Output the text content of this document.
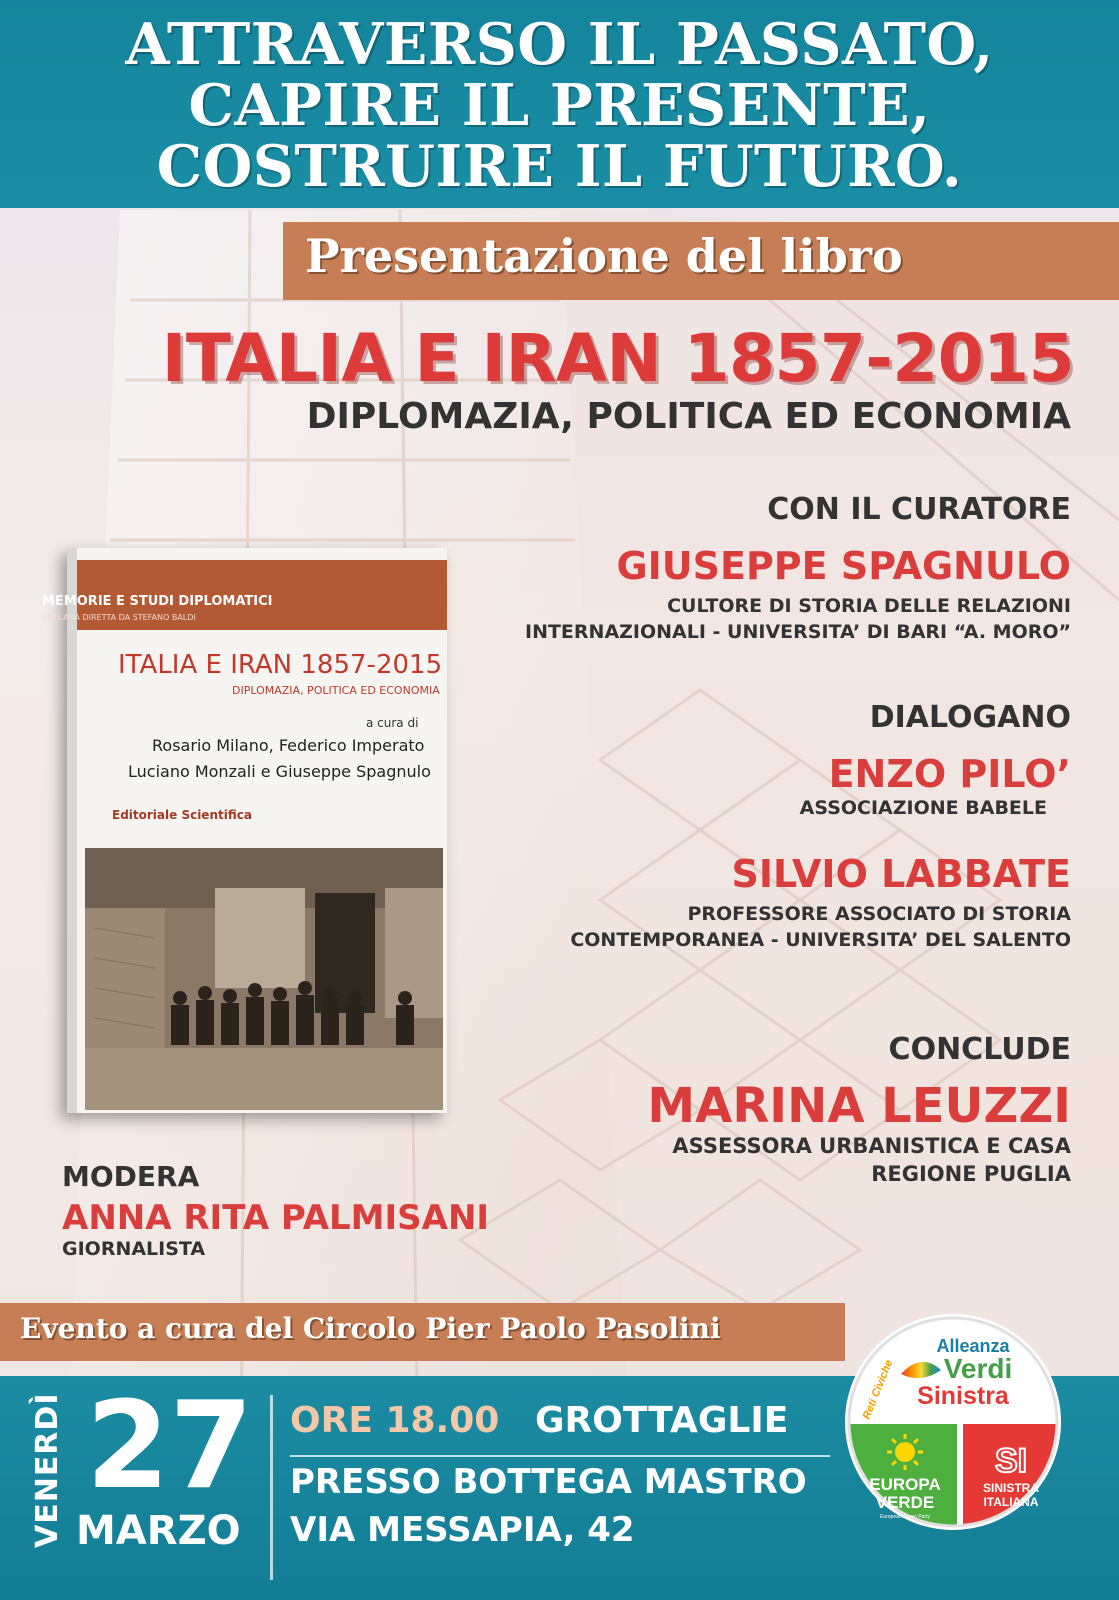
ATTRAVERSO IL PASSATO,
CAPIRE IL PRESENTE,
COSTRUIRE IL FUTURO.
Presentazione del libro
ITALIA E IRAN 1857-2015
DIPLOMAZIA, POLITICA ED ECONOMIA
CON IL CURATORE
GIUSEPPE SPAGNULO
CULTORE DI STORIA DELLE RELAZIONI
INTERNAZIONALI - UNIVERSITA’ DI BARI “A. MORO”
DIALOGANO
ENZO PILO’
ASSOCIAZIONE BABELE
SILVIO LABBATE
PROFESSORE ASSOCIATO DI STORIA
CONTEMPORANEA - UNIVERSITA’ DEL SALENTO
CONCLUDE
MARINA LEUZZI
ASSESSORA URBANISTICA E CASA
REGIONE PUGLIA
MEMORIE E STUDI DIPLOMATICI
COLLANA DIRETTA DA STEFANO BALDI
ITALIA E IRAN 1857-2015
DIPLOMAZIA, POLITICA ED ECONOMIA
a cura di
Rosario Milano, Federico Imperato
Luciano Monzali e Giuseppe Spagnulo
Editoriale Scientifica
MODERA
ANNA RITA PALMISANI
GIORNALISTA
Evento a cura del Circolo Pier Paolo Pasolini
VENERDÌ 27
MARZO
ORE 18.00 GROTTAGLIE
PRESSO BOTTEGA MASTRO
VIA MESSAPIA, 42
Alleanza
Verdi
Sinistra
Reti Civiche
EUROPA
VERDE
European Green Party
SI
SINISTRA
ITALIANA
